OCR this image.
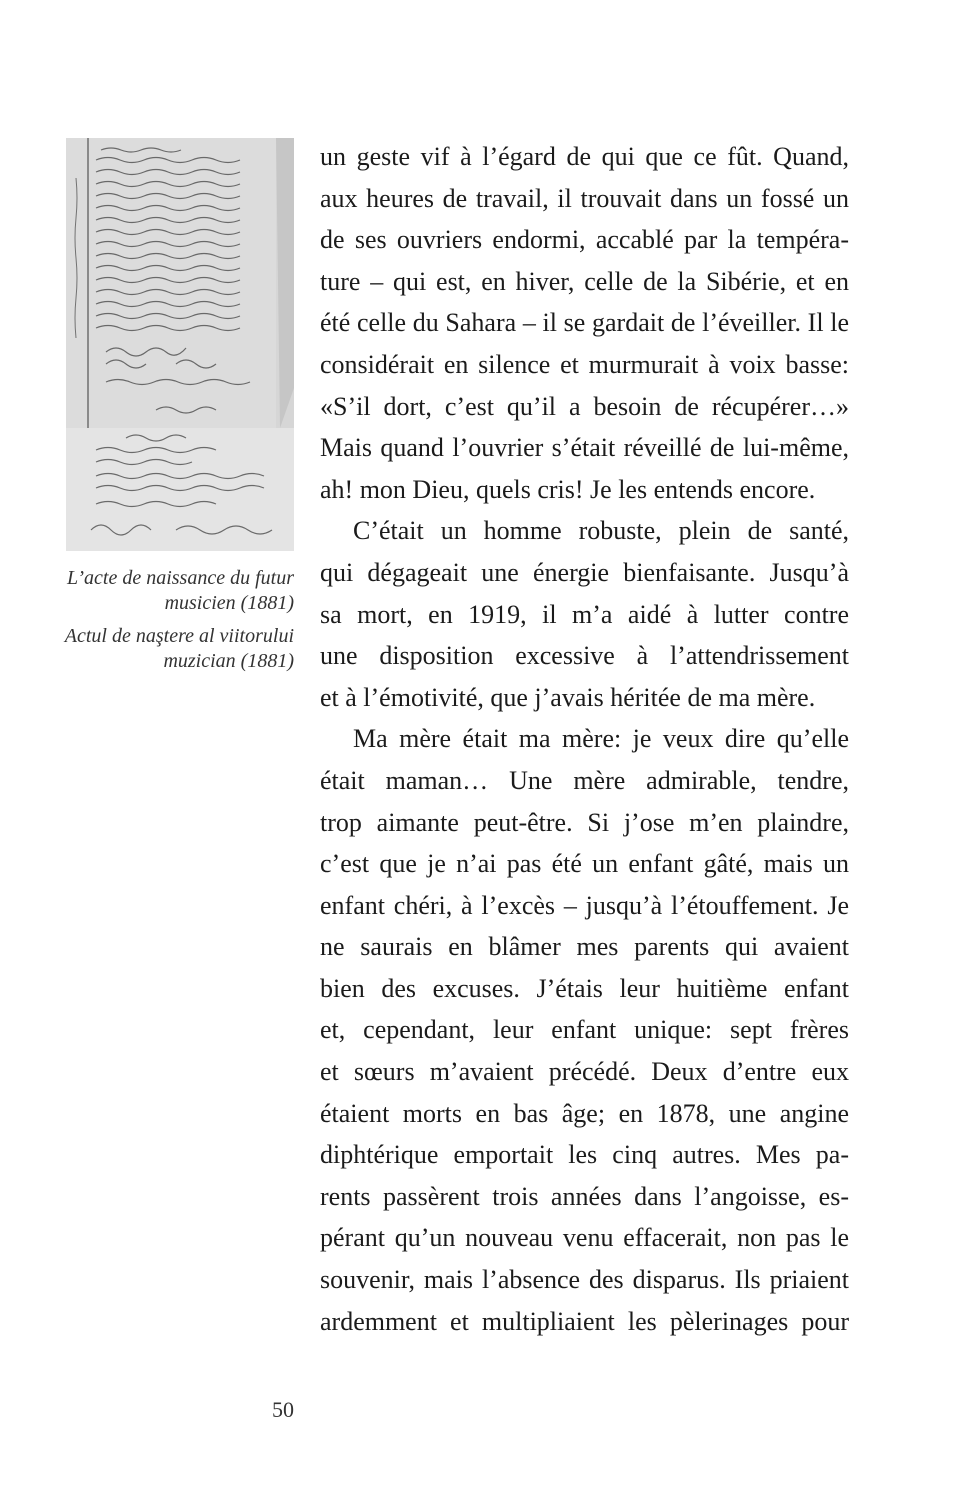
L’acte de naissance du futur musicien (1881)

Actul de naştere al viitorului muzician (1881)

un geste vif à l’égard de qui que ce fût. Quand,
aux heures de travail, il trouvait dans un fossé un
de ses ouvriers endormi, accablé par la tempéra-
ture – qui est, en hiver, celle de la Sibérie, et en
été celle du Sahara – il se gardait de l’éveiller. Il le
considérait en silence et murmurait à voix basse:
«S’il dort, c’est qu’il a besoin de récupérer…»
Mais quand l’ouvrier s’était réveillé de lui-même,
ah! mon Dieu, quels cris! Je les entends encore.
C’était un homme robuste, plein de santé,
qui dégageait une énergie bienfaisante. Jusqu’à
sa mort, en 1919, il m’a aidé à lutter contre
une disposition excessive à l’attendrissement
et à l’émotivité, que j’avais héritée de ma mère.
Ma mère était ma mère: je veux dire qu’elle
était maman… Une mère admirable, tendre,
trop aimante peut-être. Si j’ose m’en plaindre,
c’est que je n’ai pas été un enfant gâté, mais un
enfant chéri, à l’excès – jusqu’à l’étouffement. Je
ne saurais en blâmer mes parents qui avaient
bien des excuses. J’étais leur huitième enfant
et, cependant, leur enfant unique: sept frères
et sœurs m’avaient précédé. Deux d’entre eux
étaient morts en bas âge; en 1878, une angine
diphtérique emportait les cinq autres. Mes pa-
rents passèrent trois années dans l’angoisse, es-
pérant qu’un nouveau venu effacerait, non pas le
souvenir, mais l’absence des disparus. Ils priaient
ardemment et multipliaient les pèlerinages pour
50
